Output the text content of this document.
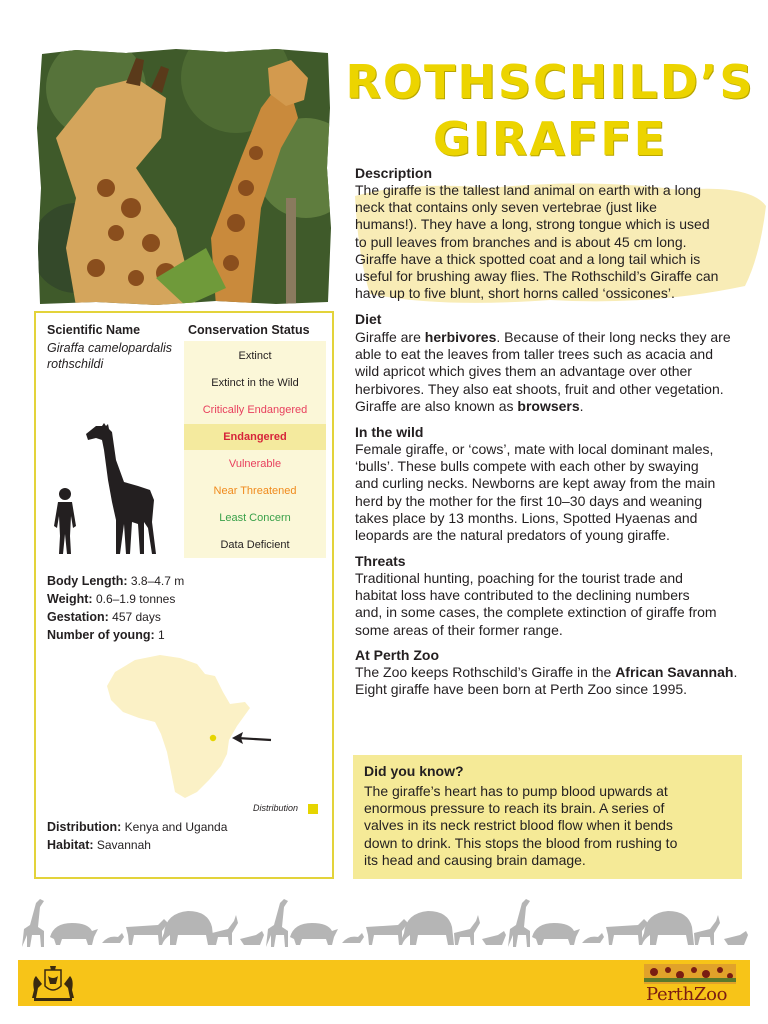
ROTHSCHILD’S
GIRAFFE
Description

The giraffe is the tallest land animal on earth with a long

neck that contains only seven vertebrae (just like

humans!). They have a long, strong tongue which is used

to pull leaves from branches and is about 45 cm long.

Giraffe have a thick spotted coat and a long tail which is

useful for brushing away flies. The Rothschild’s Giraffe can

have up to five blunt, short horns called ‘ossicones’.

Diet

Giraffe are herbivores. Because of their long necks they are able to eat the leaves from taller trees such as acacia and wild apricot which gives them an advantage over other herbivores. They also eat shoots, fruit and other vegetation. Giraffe are also known as browsers.

In the wild

Female giraffe, or ‘cows’, mate with local dominant males,

‘bulls’. These bulls compete with each other by swaying

and curling necks. Newborns are kept away from the main

herd by the mother for the first 10–30 days and weaning

takes place by 13 months. Lions, Spotted Hyaenas and

leopards are the natural predators of young giraffe.

Threats

Traditional hunting, poaching for the tourist trade and

habitat loss have contributed to the declining numbers

and, in some cases, the complete extinction of giraffe from

some areas of their former range.

At Perth Zoo

The Zoo keeps Rothschild’s Giraffe in the African Savannah. Eight giraffe have been born at Perth Zoo since 1995.

Did you know?

The giraffe’s heart has to pump blood upwards at

enormous pressure to reach its brain. A series of

valves in its neck restrict blood flow when it bends

down to drink. This stops the blood from rushing to

its head and causing brain damage.

Scientific Name
Giraffa camelopardalis
rothschildi
Conservation Status
Extinct
Extinct in the Wild
Critically Endangered
Endangered
Vulnerable
Near Threatened
Least Concern
Data Deficient
Body Length: 3.8–4.7 m
Weight: 0.6–1.9 tonnes
Gestation: 457 days
Number of young: 1
Distribution
Distribution: Kenya and Uganda
Habitat: Savannah
PerthZoo
